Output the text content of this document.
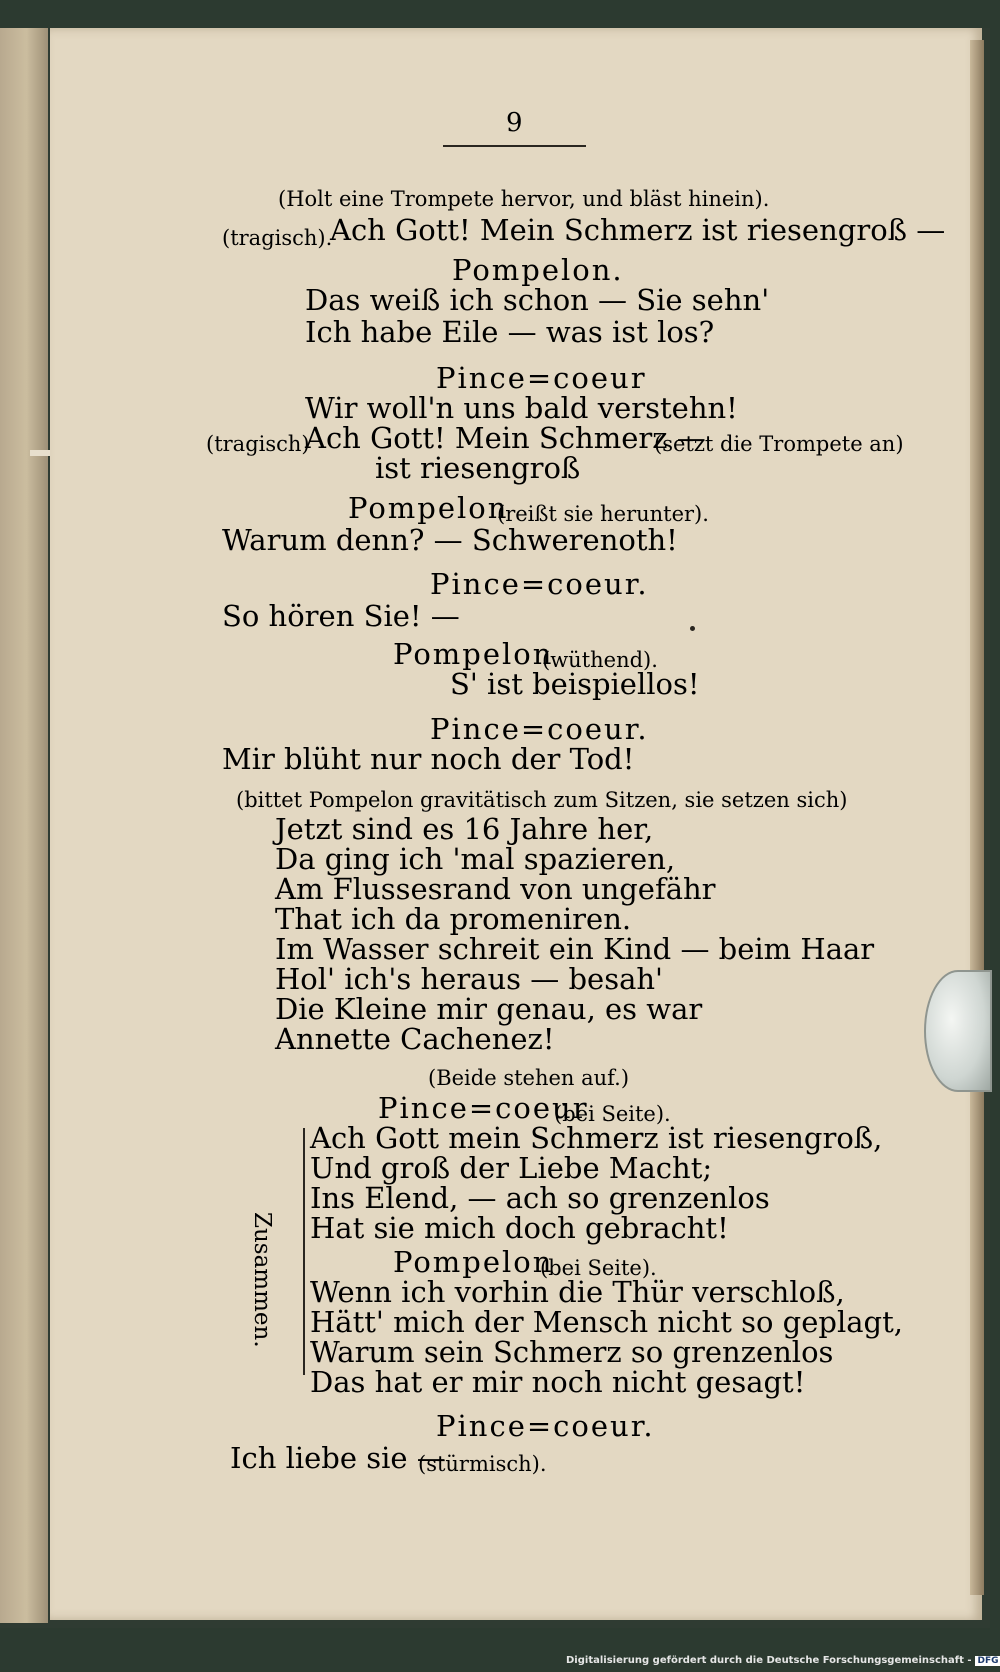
9
(Holt eine Trompete hervor, und bläst hinein).
(tragisch).
Ach Gott! Mein Schmerz ist riesengroß —
Pompelon.
Das weiß ich schon — Sie sehn'
Ich habe Eile — was ist los?
Pince=coeur
Wir woll'n uns bald verstehn!
(tragisch)
Ach Gott! Mein Schmerz —
(setzt die Trompete an)
ist riesengroß
Pompelon
(reißt sie herunter).
Warum denn? — Schwerenoth!
Pince=coeur.
So hören Sie! —
Pompelon
(wüthend).
S' ist beispiellos!
Pince=coeur.
Mir blüht nur noch der Tod!
(bittet Pompelon gravitätisch zum Sitzen, sie setzen sich)
Jetzt sind es 16 Jahre her,
Da ging ich 'mal spazieren,
Am Flussesrand von ungefähr
That ich da promeniren.
Im Wasser schreit ein Kind — beim Haar
Hol' ich's heraus — besah'
Die Kleine mir genau, es war
Annette Cachenez!
(Beide stehen auf.)
Pince=coeur
(bei Seite).
Zusammen.
Ach Gott mein Schmerz ist riesengroß,
Und groß der Liebe Macht;
Ins Elend, — ach so grenzenlos
Hat sie mich doch gebracht!
Pompelon
(bei Seite).
Wenn ich vorhin die Thür verschloß,
Hätt' mich der Mensch nicht so geplagt,
Warum sein Schmerz so grenzenlos
Das hat er mir noch nicht gesagt!
Pince=coeur.
Ich liebe sie —
(stürmisch).
Digitalisierung gefördert durch die Deutsche Forschungsgemeinschaft - DFG
